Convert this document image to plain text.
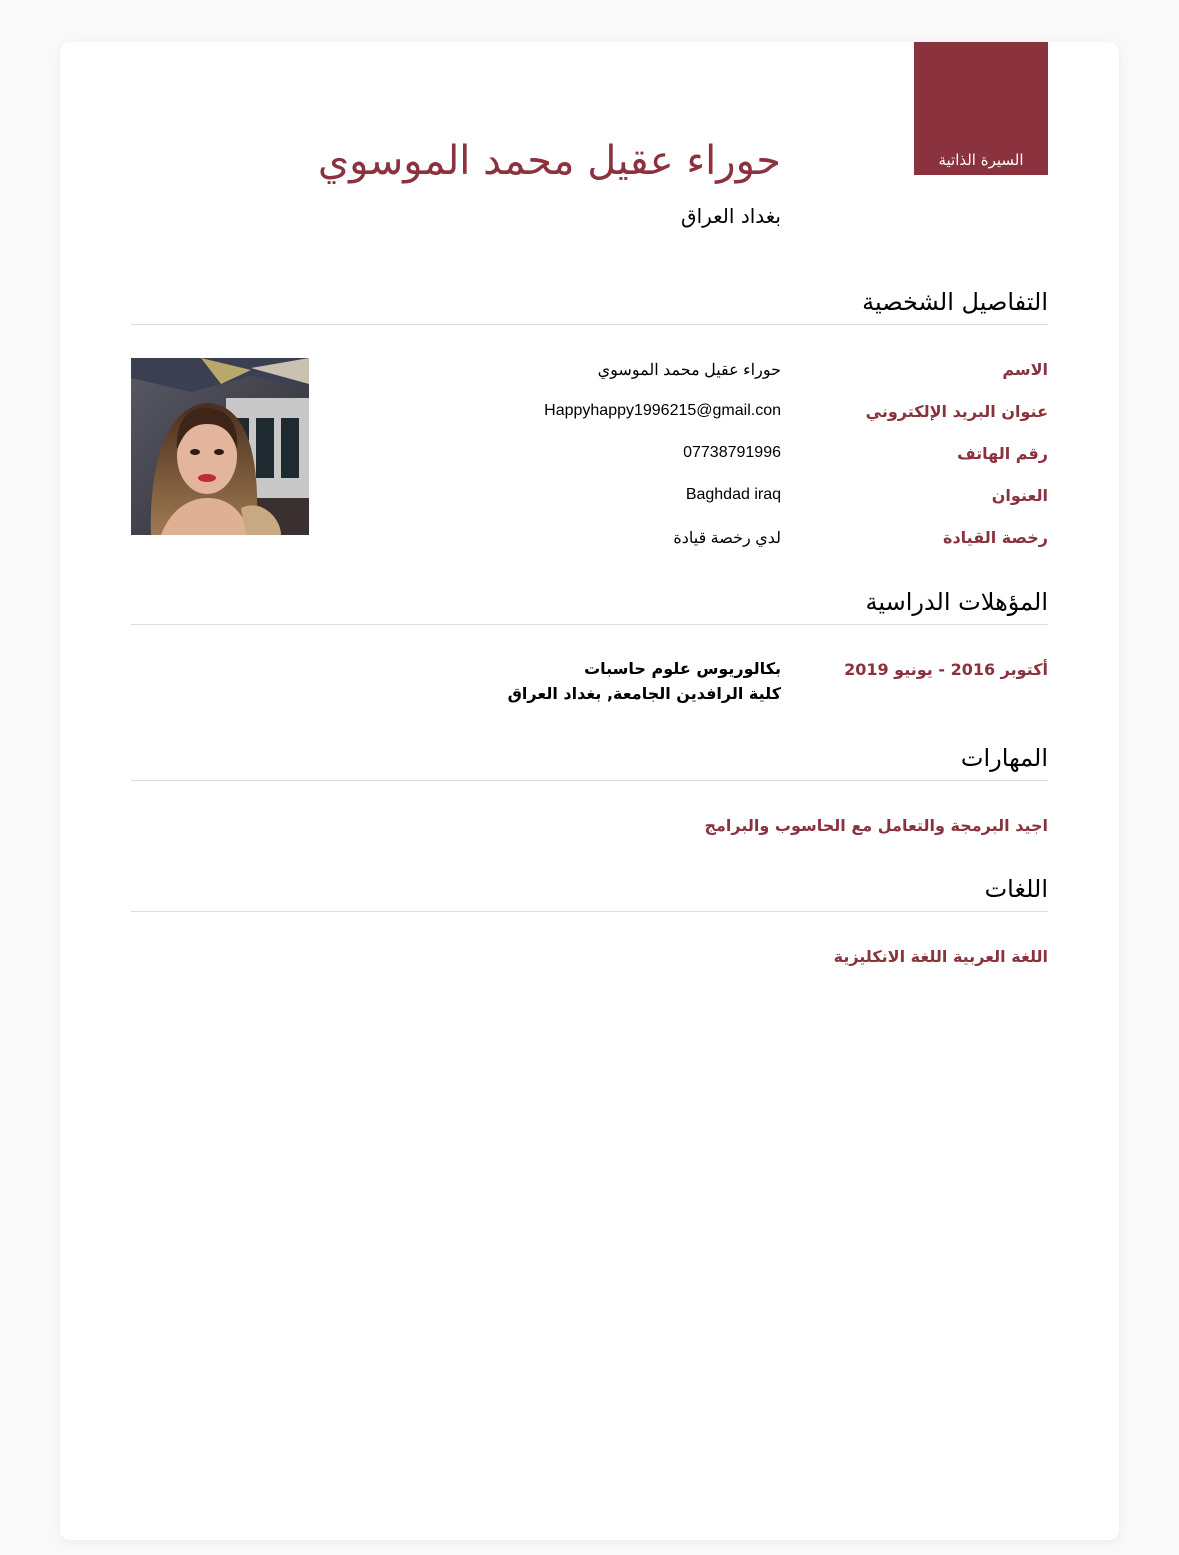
السيرة الذاتية
حوراء عقيل محمد الموسوي
بغداد العراق
التفاصيل الشخصية
الاسم
حوراء عقيل محمد الموسوي
عنوان البريد الإلكتروني
Happyhappy1996215@gmail.con
رقم الهاتف
07738791996
العنوان
Baghdad iraq
رخصة القيادة
لدي رخصة قيادة
المؤهلات الدراسية
أكتوبر 2016 - يونيو 2019
بكالوريوس علوم حاسبات
كلية الرافدين الجامعة, بغداد العراق
المهارات
اجيد البرمجة والتعامل مع الحاسوب والبرامج
اللغات
اللغة العربية اللغة الانكليزية
